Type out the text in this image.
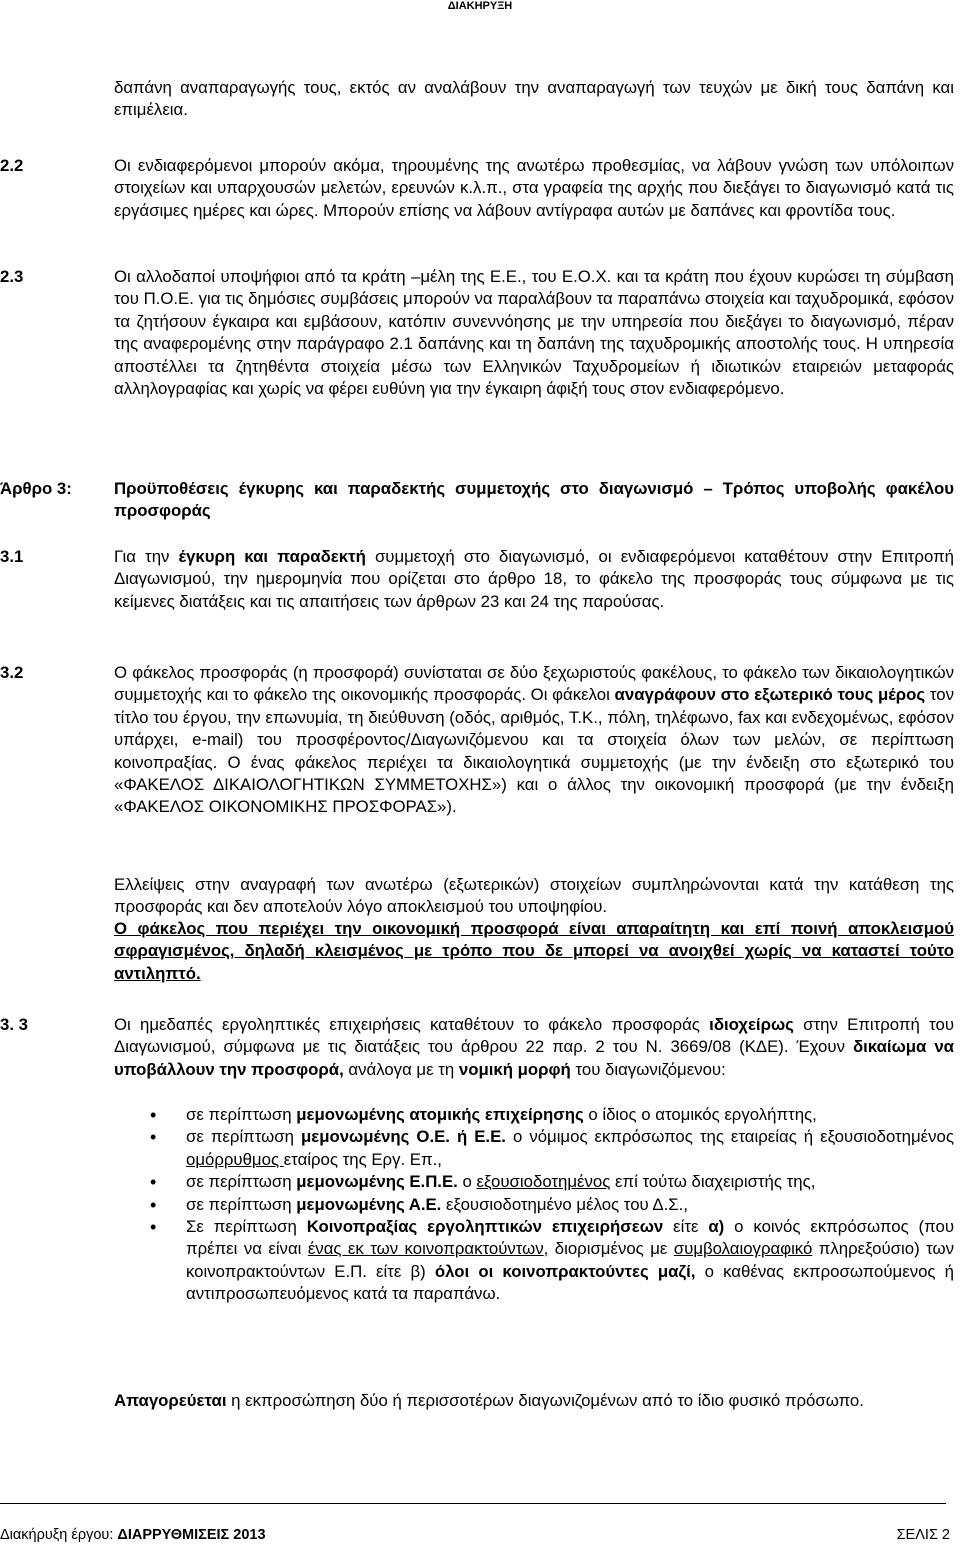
ΔΙΑΚΗΡΥΞΗ
δαπάνη αναπαραγωγής τους, εκτός αν αναλάβουν την αναπαραγωγή των τευχών με δική τους δαπάνη και επιμέλεια.
2.2	Οι ενδιαφερόμενοι μπορούν ακόμα, τηρουμένης της ανωτέρω προθεσμίας, να λάβουν γνώση των υπόλοιπων στοιχείων και υπαρχουσών μελετών, ερευνών κ.λ.π., στα γραφεία της αρχής που διεξάγει το διαγωνισμό κατά τις εργάσιμες ημέρες και ώρες. Μπορούν επίσης να λάβουν αντίγραφα αυτών με δαπάνες και φροντίδα τους.
2.3	Οι αλλοδαποί υποψήφιοι από τα κράτη –μέλη της Ε.Ε., του Ε.Ο.Χ. και τα κράτη που έχουν κυρώσει τη σύμβαση του Π.Ο.Ε. για τις δημόσιες συμβάσεις μπορούν να παραλάβουν τα παραπάνω στοιχεία και ταχυδρομικά, εφόσον τα ζητήσουν έγκαιρα και εμβάσουν, κατόπιν συνεννόησης με την υπηρεσία που διεξάγει το διαγωνισμό, πέραν της αναφερομένης στην παράγραφο 2.1 δαπάνης και τη δαπάνη της ταχυδρομικής αποστολής τους. Η υπηρεσία αποστέλλει τα ζητηθέντα στοιχεία μέσω των Ελληνικών Ταχυδρομείων ή ιδιωτικών εταιρειών μεταφοράς αλληλογραφίας και χωρίς να φέρει ευθύνη για την έγκαιρη άφιξή τους στον ενδιαφερόμενο.
Άρθρο 3:	Προϋποθέσεις έγκυρης και παραδεκτής συμμετοχής στο διαγωνισμό – Τρόπος υποβολής φακέλου προσφοράς
3.1	Για την έγκυρη και παραδεκτή συμμετοχή στο διαγωνισμό, οι ενδιαφερόμενοι καταθέτουν στην Επιτροπή Διαγωνισμού, την ημερομηνία που ορίζεται στο άρθρο 18, το φάκελο της προσφοράς τους σύμφωνα με τις κείμενες διατάξεις και τις απαιτήσεις των άρθρων 23 και 24 της παρούσας.
3.2	Ο φάκελος προσφοράς (η προσφορά) συνίσταται σε δύο ξεχωριστούς φακέλους, το φάκελο των δικαιολογητικών συμμετοχής και το φάκελο της οικονομικής προσφοράς. Οι φάκελοι αναγράφουν στο εξωτερικό τους μέρος τον τίτλο του έργου, την επωνυμία, τη διεύθυνση (οδός, αριθμός, Τ.Κ., πόλη, τηλέφωνο, fax και ενδεχομένως, εφόσον υπάρχει, e-mail) του προσφέροντος/Διαγωνιζόμενου και τα στοιχεία όλων των μελών, σε περίπτωση κοινοπραξίας. Ο ένας φάκελος περιέχει τα δικαιολογητικά συμμετοχής (με την ένδειξη στο εξωτερικό του «ΦΑΚΕΛΟΣ ΔΙΚΑΙΟΛΟΓΗΤΙΚΩΝ ΣΥΜΜΕΤΟΧΗΣ») και ο άλλος την οικονομική προσφορά (με την ένδειξη «ΦΑΚΕΛΟΣ ΟΙΚΟΝΟΜΙΚΗΣ ΠΡΟΣΦΟΡΑΣ»).
Ελλείψεις στην αναγραφή των ανωτέρω (εξωτερικών) στοιχείων συμπληρώνονται κατά την κατάθεση της προσφοράς και δεν αποτελούν λόγο αποκλεισμού του υποψηφίου.
Ο φάκελος που περιέχει την οικονομική προσφορά είναι απαραίτητη και επί ποινή αποκλεισμού σφραγισμένος, δηλαδή κλεισμένος με τρόπο που δε μπορεί να ανοιχθεί χωρίς να καταστεί τούτο αντιληπτό.
3. 3	Οι ημεδαπές εργοληπτικές επιχειρήσεις καταθέτουν το φάκελο προσφοράς ιδιοχείρως στην Επιτροπή του Διαγωνισμού, σύμφωνα με τις διατάξεις του άρθρου 22 παρ. 2 του Ν. 3669/08 (ΚΔΕ). Έχουν δικαίωμα να υποβάλλουν την προσφορά, ανάλογα με τη νομική μορφή του διαγωνιζόμενου:
• σε περίπτωση μεμονωμένης ατομικής επιχείρησης ο ίδιος ο ατομικός εργολήπτης,
• σε περίπτωση μεμονωμένης Ο.Ε. ή Ε.Ε. ο νόμιμος εκπρόσωπος της εταιρείας ή εξουσιοδοτημένος ομόρρυθμος εταίρος της Εργ. Επ.,
• σε περίπτωση μεμονωμένης Ε.Π.Ε. ο εξουσιοδοτημένος επί τούτω διαχειριστής της,
• σε περίπτωση μεμονωμένης Α.Ε. εξουσιοδοτημένο μέλος του Δ.Σ.,
• Σε περίπτωση Κοινοπραξίας εργοληπτικών επιχειρήσεων είτε α) ο κοινός εκπρόσωπος (που πρέπει να είναι ένας εκ των κοινοπρακτούντων, διορισμένος με συμβολαιογραφικό πληρεξούσιο) των κοινοπρακτούντων Ε.Π. είτε β) όλοι οι κοινοπρακτούντες μαζί, ο καθένας εκπροσωπούμενος ή αντιπροσωπευόμενος κατά τα παραπάνω.
Απαγορεύεται η εκπροσώπηση δύο ή περισσοτέρων διαγωνιζομένων από το ίδιο φυσικό πρόσωπο.
Διακήρυξη έργου: ΔΙΑΡΡΥΘΜΙΣΕΙΣ 2013	ΣΕΛΙΣ 2
